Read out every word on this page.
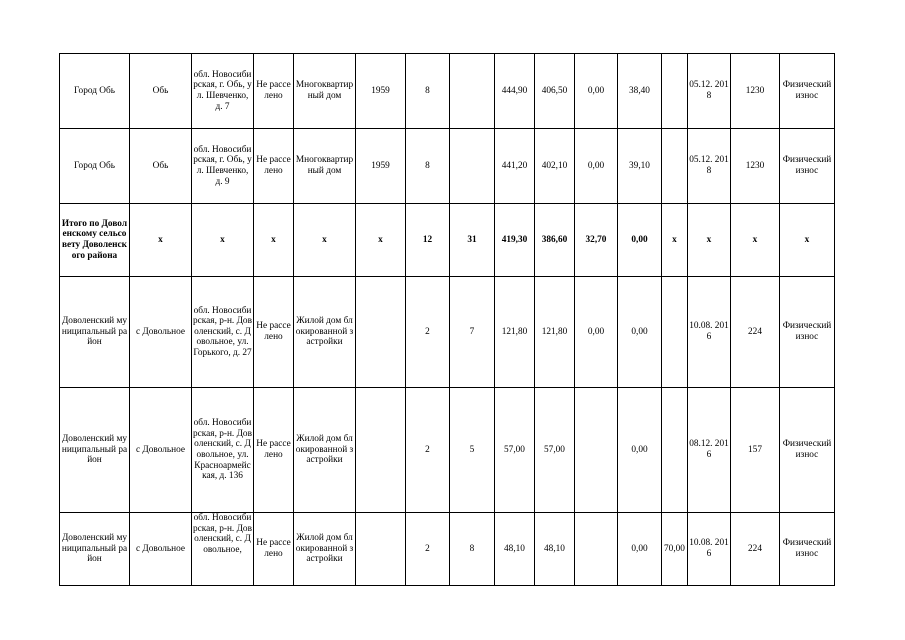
Город Обь	Обь	обл. Новосибирская, г. Обь, ул. Шевченко, д. 7	Не расселено	Многоквартирный дом	1959	8		444,90	406,50	0,00	38,40		05.12. 2018	1230	Физический износ
Город Обь	Обь	обл. Новосибирская, г. Обь, ул. Шевченко, д. 9	Не расселено	Многоквартирный дом	1959	8		441,20	402,10	0,00	39,10		05.12. 2018	1230	Физический износ
Итого по Доволенскому сельсовету Доволенского района	х	х	х	х	х	12	31	419,30	386,60	32,70	0,00	х	х	х	х
Доволенский муниципальный район	с Довольное	обл. Новосибирская, р-н. Доволенский, с. Довольное, ул. Горького, д. 27	Не расселено	Жилой дом блокированной застройки		2	7	121,80	121,80	0,00	0,00		10.08. 2016	224	Физический износ
Доволенский муниципальный район	с Довольное	обл. Новосибирская, р-н. Доволенский, с. Довольное, ул. Красноармейская, д. 136	Не расселено	Жилой дом блокированной застройки		2	5	57,00	57,00		0,00		08.12. 2016	157	Физический износ
Доволенский муниципальный район	с Довольное	обл. Новосибирская, р-н. Доволенский, с. Довольное,	Не расселено	Жилой дом блокированной застройки		2	8	48,10	48,10		0,00	70,00	10.08. 2016	224	Физический износ
